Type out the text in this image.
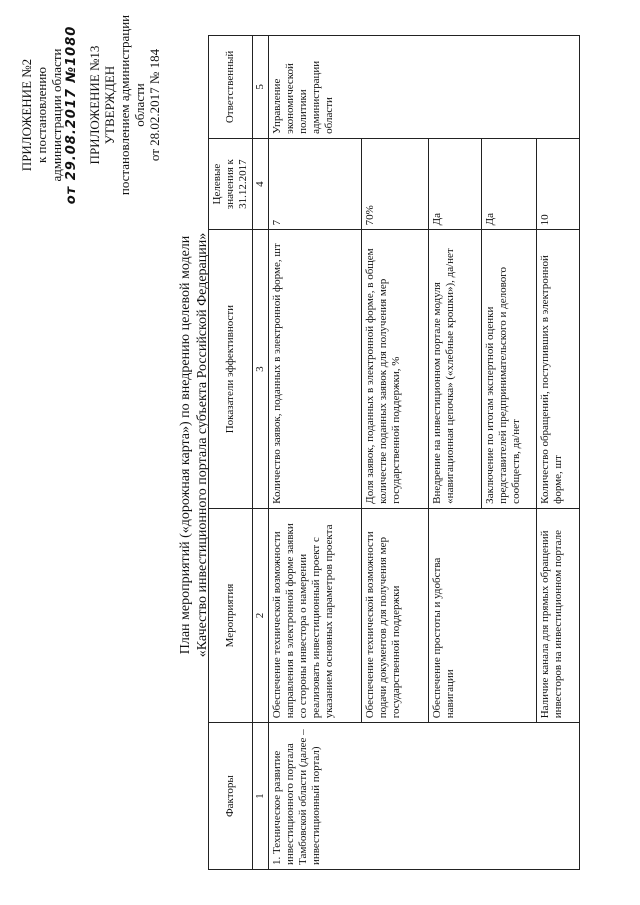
ПРИЛОЖЕНИЕ №2 к постановлению администрации области от 29.08.2017 №1080 ПРИЛОЖЕНИЕ №13 УТВЕРЖДЕН постановлением администрации области от 28.02.2017 № 184
План мероприятий («дорожная карта») по внедрению целевой модели «Качество инвестиционного портала субъекта Российской Федерации»
Факторы	Мероприятия	Показатели эффективности	Целевые значения к 31.12.2017	Ответственный
1	2	3	4	5
1. Техническое развитие инвестиционного портала Тамбовской области (далее – инвестиционный портал)	Обеспечение технической возможности направления в электронной форме заявки со стороны инвестора о намерении реализовать инвестиционный проект с указанием основных параметров проекта	Количество заявок, поданных в электронной форме, шт	7	Управление экономической политики администрации области
	Обеспечение технической возможности подачи документов для получения мер государственной поддержки	Доля заявок, поданных в электронной форме, в общем количестве поданных заявок для получения мер государственной поддержки, %	70%	
	Обеспечение простоты и удобства навигации	Внедрение на инвестиционном портале модуля «навигационная цепочка» («хлебные крошки»), да/нет	Да	
		Заключение по итогам экспертной оценки представителей предпринимательского и делового сообществ, да/нет	Да	
	Наличие канала для прямых обращений инвесторов на инвестиционном портале	Количество обращений, поступивших в электронной форме, шт	10	
